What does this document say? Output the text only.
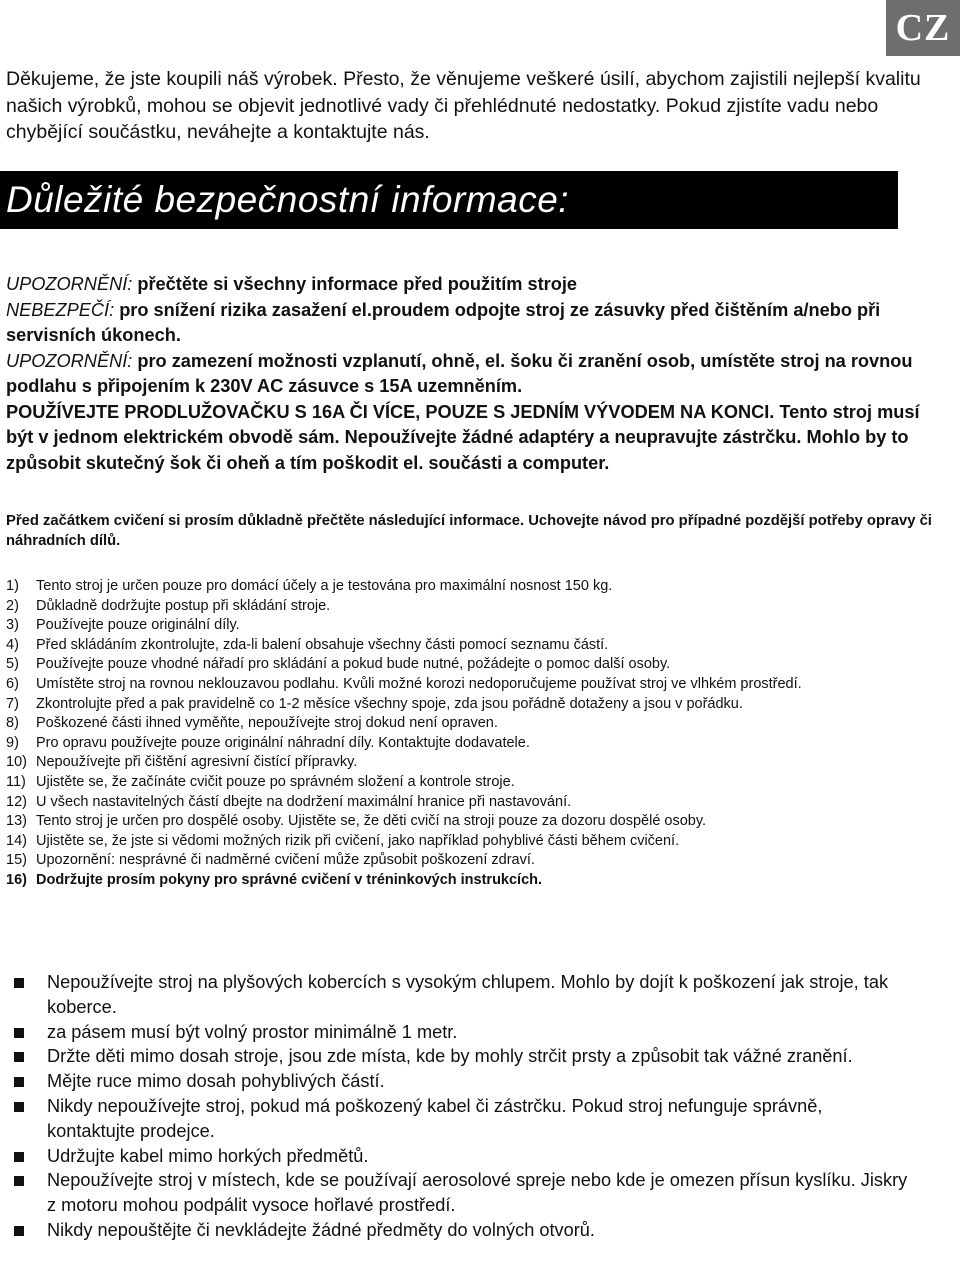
CZ

Děkujeme, že jste koupili náš výrobek. Přesto, že věnujeme veškeré úsilí, abychom zajistili nejlepší kvalitu našich výrobků, mohou se objevit jednotlivé vady či přehlédnuté nedostatky. Pokud zjistíte vadu nebo chybějící součástku, neváhejte a kontaktujte nás.

Důležité bezpečnostní informace:

UPOZORNĚNÍ: přečtěte si všechny informace před použitím stroje

NEBEZPEČÍ: pro snížení rizika zasažení el.proudem odpojte stroj ze zásuvky před čištěním a/nebo při servisních úkonech.

UPOZORNĚNÍ: pro zamezení možnosti vzplanutí, ohně, el. šoku či zranění osob, umístěte stroj na rovnou podlahu s připojením k 230V AC zásuvce s 15A uzemněním.

POUŽÍVEJTE PRODLUŽOVAČKU S 16A ČI VÍCE, POUZE S JEDNÍM VÝVODEM NA KONCI. Tento stroj musí být v jednom elektrickém obvodě sám. Nepoužívejte žádné adaptéry a neupravujte zástrčku. Mohlo by to způsobit skutečný šok či oheň a tím poškodit el. součásti a computer.

Před začátkem cvičení si prosím důkladně přečtěte následující informace. Uchovejte návod pro případné pozdější potřeby opravy či náhradních dílů.

1)	Tento stroj je určen pouze pro domácí účely a je testována pro maximální nosnost 150 kg.
2)	Důkladně dodržujte postup při skládání stroje.
3)	Používejte pouze originální díly.
4)	Před skládáním zkontrolujte, zda-li balení obsahuje všechny části pomocí seznamu částí.
5)	Používejte pouze vhodné nářadí pro skládání a pokud bude nutné, požádejte o pomoc další osoby.
6)	Umístěte stroj na rovnou neklouzavou podlahu. Kvůli možné korozi nedoporučujeme používat stroj ve vlhkém prostředí.
7)	Zkontrolujte před a pak pravidelně co 1-2 měsíce všechny spoje, zda jsou pořádně dotaženy a jsou v pořádku.
8)	Poškozené části ihned vyměňte, nepoužívejte stroj dokud není opraven.
9)	Pro opravu používejte pouze originální náhradní díly. Kontaktujte dodavatele.
10) Nepoužívejte při čištění agresivní čistící přípravky.
11) Ujistěte se, že začínáte cvičit pouze po správném složení a kontrole stroje.
12) U všech nastavitelných částí dbejte na dodržení maximální hranice při nastavování.
13) Tento stroj je určen pro dospělé osoby. Ujistěte se, že děti cvičí na stroji pouze za dozoru dospělé osoby.
14) Ujistěte se, že jste si vědomi možných rizik při cvičení, jako například pohyblivé části během cvičení.
15) Upozornění: nesprávné či nadměrné cvičení může způsobit poškození zdraví.
16) Dodržujte prosím pokyny pro správné cvičení v tréninkových instrukcích.
Nepoužívejte stroj na plyšových kobercích s vysokým chlupem. Mohlo by dojít k poškození jak stroje, tak koberce.
za pásem musí být volný prostor minimálně 1 metr.
Držte děti mimo dosah stroje, jsou zde místa, kde by mohly strčit prsty a způsobit tak vážné zranění.
Mějte ruce mimo dosah pohyblivých částí.
Nikdy nepoužívejte stroj, pokud má poškozený kabel či zástrčku. Pokud stroj nefunguje správně, kontaktujte prodejce.
Udržujte kabel mimo horkých předmětů.
Nepoužívejte stroj v místech, kde se používají aerosolové spreje nebo kde je omezen přísun kyslíku. Jiskry z motoru mohou podpálit vysoce hořlavé prostředí.
Nikdy nepouštějte či nevkládejte žádné předměty do volných otvorů.
